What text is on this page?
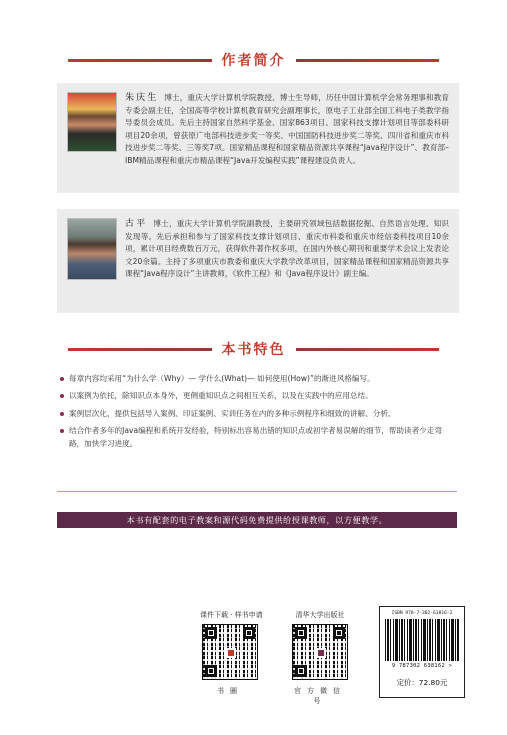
作者简介

朱庆生 博士，重庆大学计算机学院教授、博士生导师，历任中国计算机学会常务理事和教育专委会副主任，全国高等学校计算机教育研究会副理事长，原电子工业部全国工科电子类教学指导委员会成员。先后主持国家自然科学基金、国家863项目、国家科技支撑计划项目等部委科研项目20余项，曾获原广电部科技进步奖一等奖、中国国防科技进步奖二等奖、四川省和重庆市科技进步奖二等奖、三等奖7项。国家精品课程和国家精品资源共享课程“Java程序设计”、教育部–IBM精品课程和重庆市精品课程“Java开发编程实践”课程建设负责人。

古平 博士，重庆大学计算机学院副教授，主要研究领域包括数据挖掘、自然语言处理、知识发现等。先后承担和参与了国家科技支撑计划项目、重庆市科委和重庆市经信委科技项目10余项，累计项目经费数百万元，获得软件著作权多项，在国内外核心期刊和重要学术会议上发表论文20余篇。主持了多项重庆市教委和重庆大学教学改革项目，国家精品课程和国家精品资源共享课程“Java程序设计”主讲教师，《软件工程》和《Java程序设计》副主编。

本书特色
每章内容均采用“为什么学（Why）— 学什么(What)— 如何使用(How)”的渐进风格编写。
以案例为依托，除知识点本身外，更侧重知识点之间相互关系，以及在实践中的应用总结。
案例层次化，提供包括导入案例、印证案例、实训任务在内的多种示例程序和细致的讲解、分析。
结合作者多年的Java编程和系统开发经验，特别标出容易出错的知识点或初学者易误解的细节，帮助读者少走弯路，加快学习进度。
本书有配套的电子教案和源代码免费提供给授课教师，以方便教学。
课件下载 · 样书申请
书圈
清华大学出版社
官方微信号
ISBN 978-7-302-63816-2
9 787302 638162 >
定价：72.80元
